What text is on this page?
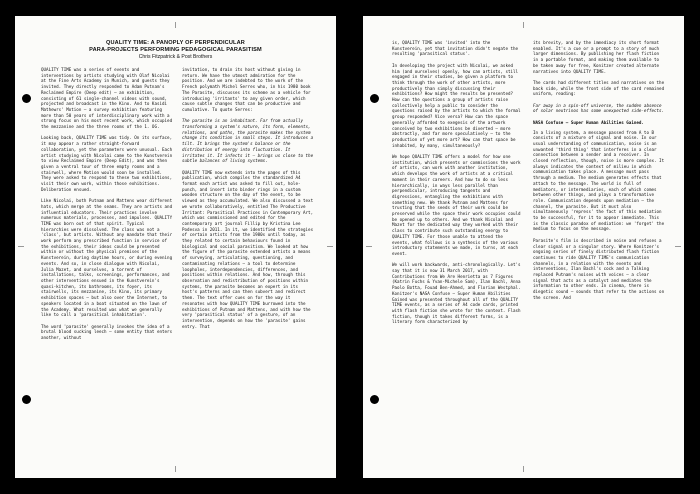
QUALITY TIME: A PANOPLY OF PERPENDICULAR
PARA-PROJECTS PERFORMING PEDAGOGICAL PARASITISM
Chris Fitzpatrick & Post Brothers

QUALITY TIME was a series of events and interventions by artists studying with Olaf Nicolai at the Fine Arts Academy in Munich, and guests they invited. They directly responded to Adam Putnam's Reclaimed Empire (Deep edit) – an exhibition, consisting of 61 single-channel videos with sound, projected and broadcast in the Kino. And to Kasidi Mathewrs' Motion – a survey exhibition featuring more than 50 years of interdisciplinary work with a strong focus on his most recent work, which occupied the mezzanine and the three rooms of the 1. OG.

Looking back, QUALITY TIME was tidy. On its surface, it may appear a rather straight-forward collaboration, yet the parameters were unusual. Each artist studying with Nicolai came to the Kunstverein to view Reclaimed Empire (Deep Edit), and was then given a ventral tour of three empty rooms and a stairwell, where Motion would soon be installed. They were asked to respond to these two exhibitions, visit their own work, within those exhibitions. Deliberation ensued.

Like Nicolai, both Putnam and Mattens wear different hats, which merge at the seams. They are artists and influential educators. Their practices involve numerous materials, processes, and impulses. QUALITY TIME was born out of that spirit. Typical hierarchies were dissolved. The class was not a 'class', but artists. Without any mandate that their work perform any prescribed function in service of the exhibitions, their ideas could be presented within or without the physical premises of the Kunstverein, during daytime hours, or during evening events. And so, in close dialogue with Nicolai, Julia Mazet, and ourselves, a torrent of installations, talks, screenings, performances, and other interventions ensued in the Kunstverein's quasi-kitchen, its bathrooms, its foyer, its stairwells, its mezzanine, its Kino, its primary exhibition spaces – but also over the Internet, to speakers located in a boat situated on the lawn of the Academy. What resulted was what we generally like to call a 'parasitical inhabitation'.

The word 'parasite' generally invokes the idea of a brutal blood sucking leech – some entity that enters another, without

invitation, to drain its host without giving in return. We have the utmost admiration for the position. And we are indebted to the work of the French polymath Michel Serres who, in his 1980 book The Parasite, discusses its scheme as a vehicle for introducing 'irritants' to any given order, which cause subtle changes that can be productive and cumulative. To quote Serres:

The parasite is an inhabitant. Far from actually transforming a system's nature, its form, elements, relations, and paths, the parasite makes the system change its condition in small steps. It introduces a tilt. It brings the system's balance or the distribution of energy into fluctuation. It irritates it. It infects it – brings us close to the subtle balances of living systems.

QUALITY TIME now extends into the pages of this publication, which compiles the standardized A4 format each artist was asked to fill out, hole-punch, and insert into binder rings in a custom wooden structure on the day of the event, to be viewed as they accumulated. We also discussed a text we wrote collaboratively, entitled The Productive Irritant: Parasitical Practices in Contemporary Art, which was commissioned and edited for the contemporary art journal Fillip by Kristina Lee Podesva in 2011. In it, we identified the strategies of certain artists from the 1980s until today, as they related to certain behaviours found in biological and social parasitism. We looked at how the figure of the parasite extended artists a means of surveying, articulating, questioning, and contaminating relations – a tool to determine loopholes, interdependencies, differences, and positions within relations. And how, through this observation and redistribution of positions within systems, the parasite becomes an expert in its host's patterns and can then subvert and redirect them. The text offer cues on for the way it resonates with how QUALITY TIME burrowed into the exhibitions of Putnam and Mattens, and with how the very 'parasitical status' of a gesture, of an intervention, depends on how the 'parasite' gains entry. That

is, QUALITY TIME was 'invited' into the Kunstverein, yet that invitation didn't negate the resulting 'parasitical status'.

In developing the project with Nicolai, we asked him (and ourselves) openly, how can artists, still engaged in their studies, be given a platform to think through the work of other artists, more productively than simply discussing their exhibitions? How might the results be presented? How can the questions a group of artists raise collectively help a public to consider the questions raised by the artists to which the formal group responded? Vice versa? How can the space generally afforded to exegesis of the artwork conceived by two exhibitions be diverted – more abstractly, and far more speculatively – to the production of yet more art? How can that space be inhabited, by many, simultaneously?

We hope QUALITY TIME offers a model for how one institution, which presents or commissions the work of artists, can work with another institution, which develops the work of artists at a critical moment in their careers. And how to do so less hierarchically, in ways less parallel than perpendicular, introducing tangents and digressions, entangling the exhibitions with something new. We thank Putnam and Mattens for trusting that the seeds of their work could be preserved while the space their work occupies could be opened up to others. And we thank Nicolai and Mazet for the dedicated way they worked with their class to contribute such outstanding energy to QUALITY TIME. For those unable to attend the events, what follows is a synthesis of the various introductory statements we made, in turns, at each event.

We will work backwards, anti-chronologically. Let's say that it is now 31 March 2017, with Contributions from We Are Henrietta as 7 Figures (Katrin Fuchs & Yvan-Michele Sam), Ilan Bachl, Anna Paolo Botta, Fouad Ben-Ahmed, and Florian Westphal. Konitzer's NASA Confuse – Super Human Abilities Gained was presented throughout all of the QUALITY TIME events, as a series of A4 code cards, printed with flash fiction she wrote for the context. Flash fiction, though it takes different forms, is a literary form characterized by

its brevity, and by the immediacy its short format enabled. It's a cue or a prompt to a story of much larger dimensions. By publishing her flash fiction in a portable format, and making them available to be taken away for free, Konitzer created alternate narratives into QUALITY TIME.

The cards had different titles and narratives on the back side, while the front side of the card remained uniform, reading:

Far away in a spin-off universe, the sudden absence of solar neutrinos has some unexpected side-effects.

NASA Confuse – Super Human Abilities Gained.

In a living system, a message passed from A to B consists of a mixture of signal and noise. In our usual understanding of communication, noise is an unwanted 'third thing' that interferes in a clear connection between a sender and a receiver. In closed reflection, though, noise is more complex. It always indicates the context of milieu in which communication takes place. A message must pass through a medium. The medium generates effects that attach to the message. The world is full of mediators, or intermediaries, each of which comes between other things, and plays a transformative role. Communication depends upon mediation – the channel, the parasite. But it must also simultaneously 'repress' the fact of this mediation to be successful, for it to appear immediate. This is the classic paradox of mediation: we 'forget' the medium to focus on the message.

Parasite's film is described in noise and refuses a clear signal or a singular story. Where Konitzer's ongoing series of finely distributed flash fiction continues to ride QUALITY TIME's communication channels, in a relation with the events and interventions, Ilan Bachl's cock and a Talking replaced Putnam's noises with voices – a clear signal that acts as a catalyst and mediates the information to other ends. In cinema, there is diegetic sound – sounds that refer to the actions on the screen. And
